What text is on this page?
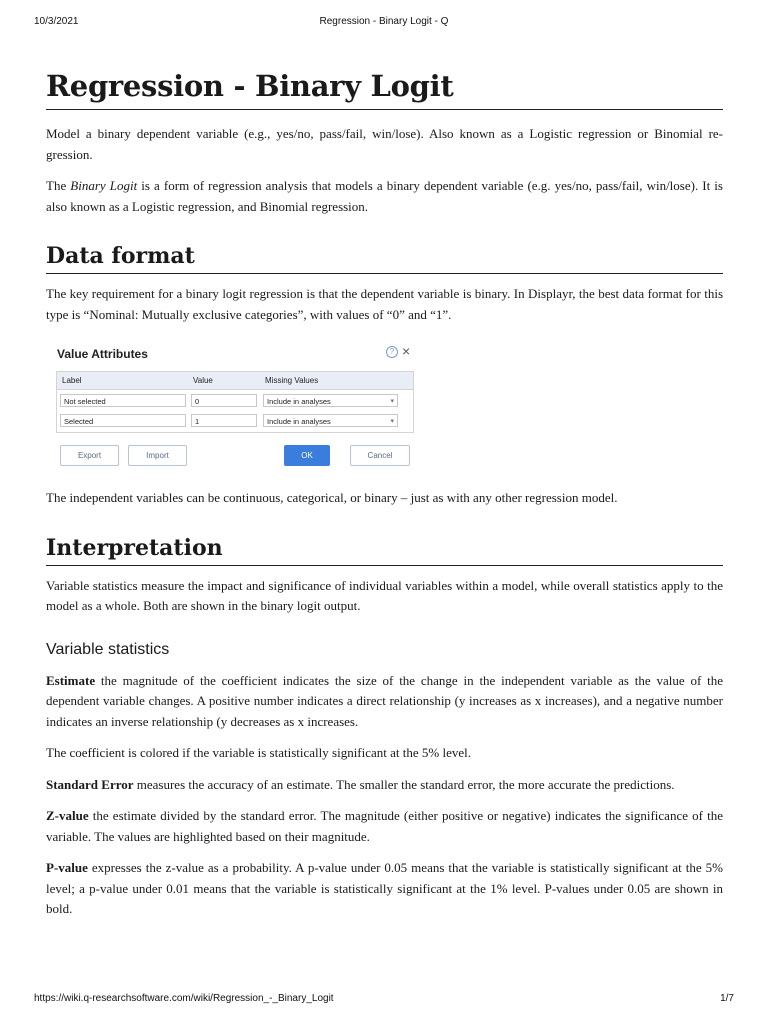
10/3/2021	Regression - Binary Logit - Q
Regression - Binary Logit

Model a binary dependent variable (e.g., yes/no, pass/fail, win/lose). Also known as a Logistic regression or Binomial re-gression.

The Binary Logit is a form of regression analysis that models a binary dependent variable (e.g. yes/no, pass/fail, win/lose). It is also known as a Logistic regression, and Binomial regression.

Data format

The key requirement for a binary logit regression is that the dependent variable is binary. In Displayr, the best data format for this type is “Nominal: Mutually exclusive categories”, with values of “0” and “1”.

Value Attributes	? ×
Label	Value	Missing Values
Not selected	0	Include in analyses	▾
Selected	1	Include in analyses	▾
Export	Import	OK	Cancel

The independent variables can be continuous, categorical, or binary – just as with any other regression model.

Interpretation

Variable statistics measure the impact and significance of individual variables within a model, while overall statistics apply to the model as a whole. Both are shown in the binary logit output.

Variable statistics

Estimate the magnitude of the coefficient indicates the size of the change in the independent variable as the value of the dependent variable changes. A positive number indicates a direct relationship (y increases as x increases), and a negative number indicates an inverse relationship (y decreases as x increases.

The coefficient is colored if the variable is statistically significant at the 5% level.

Standard Error measures the accuracy of an estimate. The smaller the standard error, the more accurate the predictions.

Z-value the estimate divided by the standard error. The magnitude (either positive or negative) indicates the significance of the variable. The values are highlighted based on their magnitude.

P-value expresses the z-value as a probability. A p-value under 0.05 means that the variable is statistically significant at the 5% level; a p-value under 0.01 means that the variable is statistically significant at the 1% level. P-values under 0.05 are shown in bold.

https://wiki.q-researchsoftware.com/wiki/Regression_-_Binary_Logit	1/7
